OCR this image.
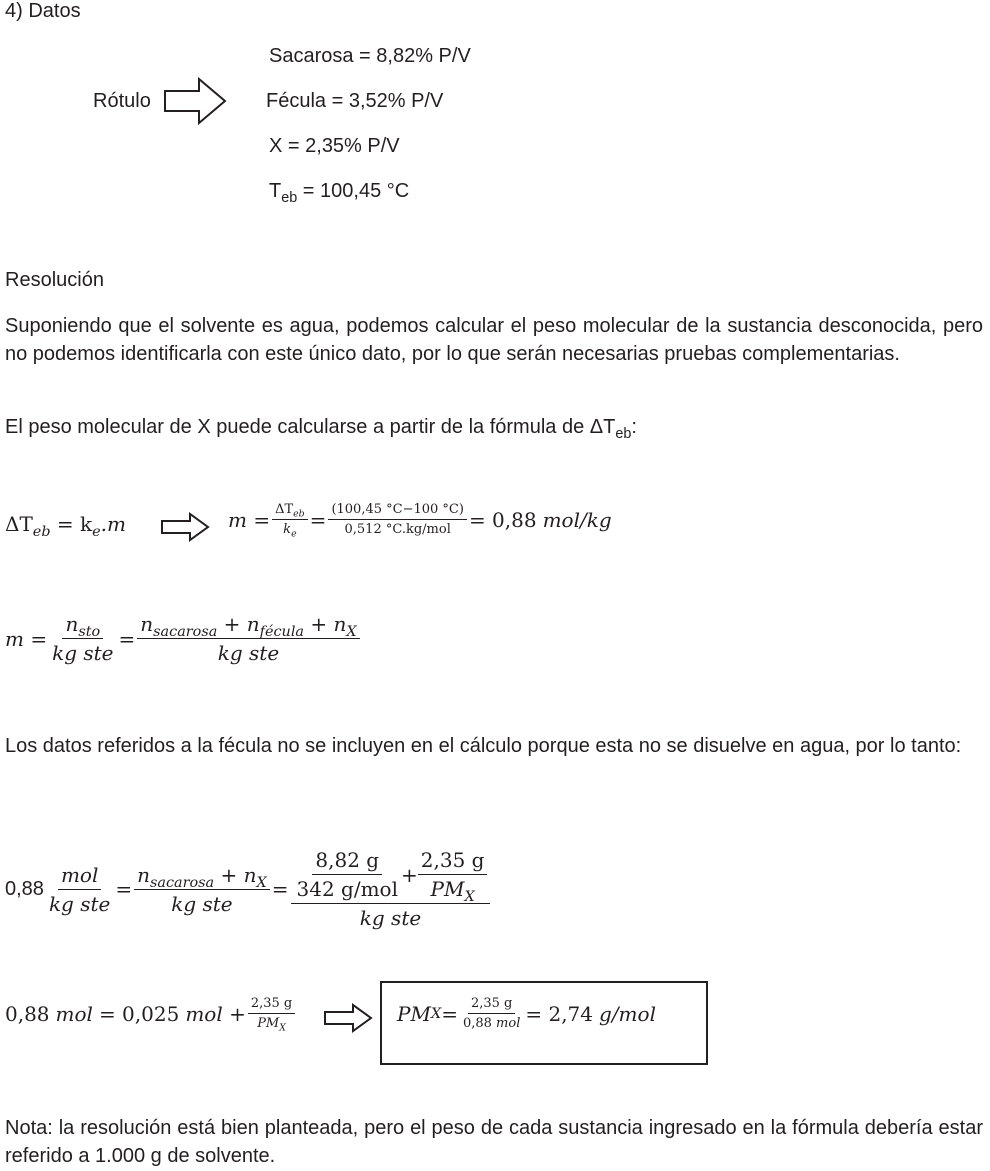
4) Datos
Rótulo
Sacarosa = 8,82% P/V
Fécula = 3,52% P/V
X = 2,35% P/V
$T_{eb} = 100,45$ °C
Resolución
Suponiendo que el solvente es agua, podemos calcular el peso molecular de la sustancia desconocida, pero no podemos identificarla con este único dato, por lo que serán necesarias pruebas complementarias.
El peso molecular de X puede calcularse a partir de la fórmula de $\Delta T_{eb}$:
$\Delta T_{eb} = k_e.m$	$m = \frac{\Delta T_{eb}}{k_e} = \frac{(100,45 ^\circ C-100 ^\circ C)}{\text{0,512 °C.kg/mol}} = 0,88$ mol/kg
$m = \frac{n_{sto}}{\text{kg ste}} = \frac{n_{sacarosa} + n_{fécula} + n_X}{\text{kg ste}}$
Los datos referidos a la fécula no se incluyen en el cálculo porque esta no se disuelve en agua, por lo tanto:
$0,88 \frac{\text{mol}}{\text{kg ste}} = \frac{n_{sacarosa} + n_X}{\text{kg ste}} = \frac{8,82 g}{\text{342 g/mol}} + \frac{2,35 g}{PM_X}$
kg ste
0,88 mol = 0,025 mol + $\frac{2,35 g}{PM_X}$	PM $X = \frac{2,35 g}{\text{0,88 mol}} = 2,74$ g/mol
Nota: la resolución está bien planteada, pero el peso de cada sustancia ingresado en la fórmula debería estar referido a 1.000 g de solvente.
